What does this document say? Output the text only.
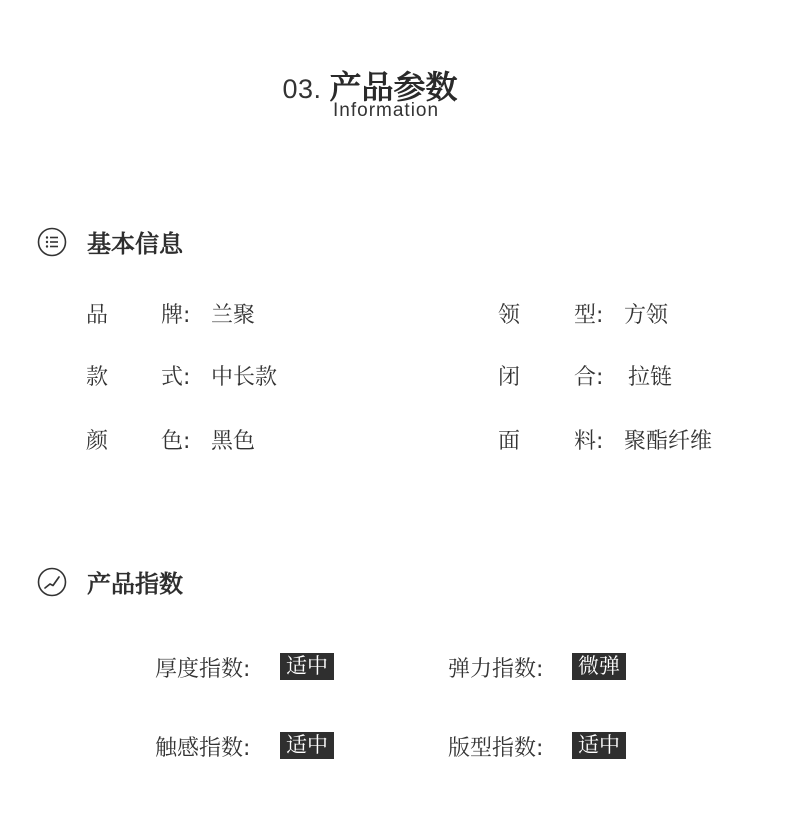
03. 产品参数
Information
基本信息
品 牌: 兰聚	领 型: 方领
款 式: 中长款	闭 合: 拉链
颜 色: 黑色	面 料: 聚酯纤维
产品指数
厚度指数: 适中	弹力指数: 微弹
触感指数: 适中	版型指数: 适中
